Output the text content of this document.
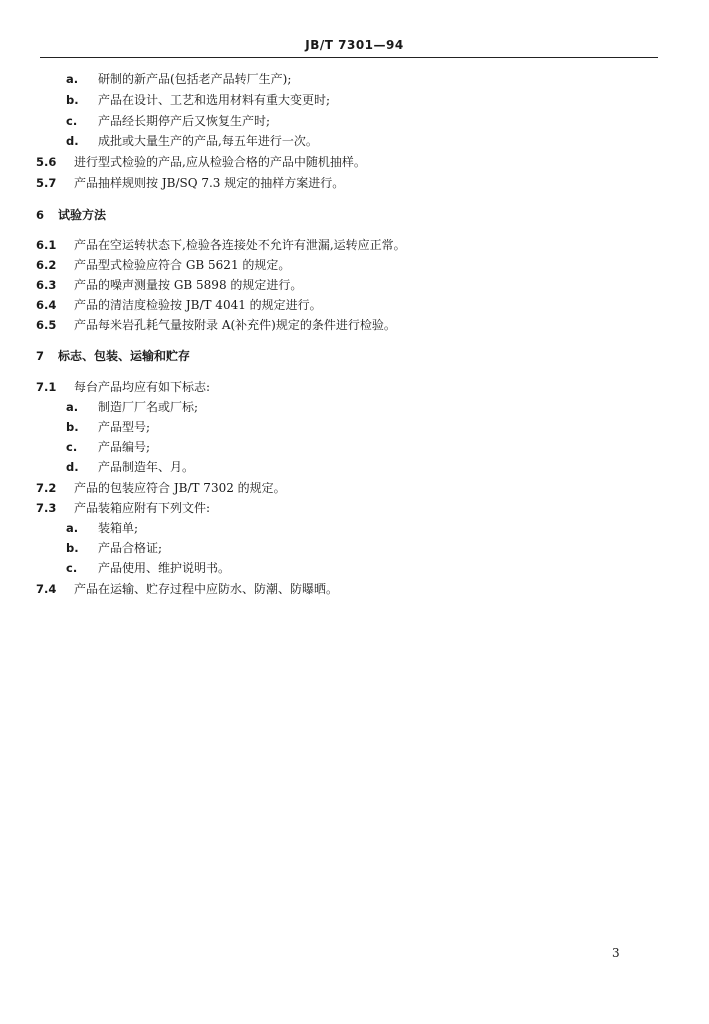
JB/T 7301—94
a. 研制的新产品(包括老产品转厂生产);
b. 产品在设计、工艺和选用材料有重大变更时;
c. 产品经长期停产后又恢复生产时;
d. 成批或大量生产的产品,每五年进行一次。
5.6 进行型式检验的产品,应从检验合格的产品中随机抽样。
5.7 产品抽样规则按 JB/SQ 7.3 规定的抽样方案进行。
6 试验方法
6.1 产品在空运转状态下,检验各连接处不允许有泄漏,运转应正常。
6.2 产品型式检验应符合 GB 5621 的规定。
6.3 产品的噪声测量按 GB 5898 的规定进行。
6.4 产品的清洁度检验按 JB/T 4041 的规定进行。
6.5 产品每米岩孔耗气量按附录 A(补充件)规定的条件进行检验。
7 标志、包装、运输和贮存
7.1 每台产品均应有如下标志:
a. 制造厂厂名或厂标;
b. 产品型号;
c. 产品编号;
d. 产品制造年、月。
7.2 产品的包装应符合 JB/T 7302 的规定。
7.3 产品装箱应附有下列文件:
a. 装箱单;
b. 产品合格证;
c. 产品使用、维护说明书。
7.4 产品在运输、贮存过程中应防水、防潮、防曝晒。
3
